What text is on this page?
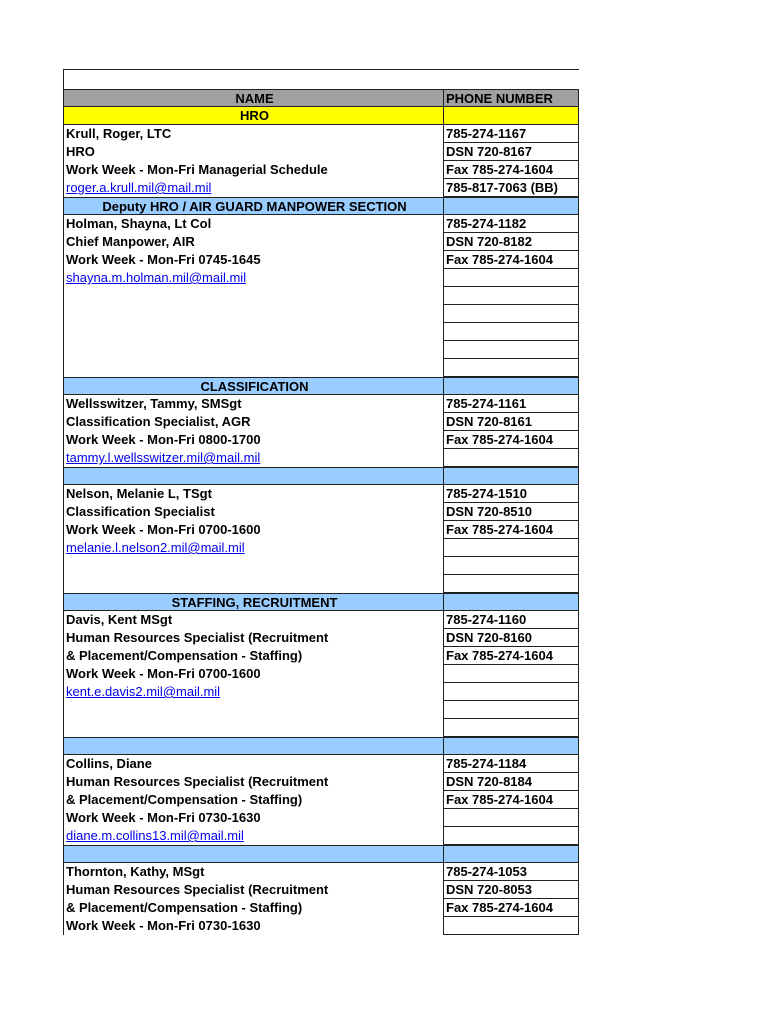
NAME	PHONE NUMBER
HRO
Krull, Roger, LTC	785-274-1167
HRO	DSN 720-8167
Work Week - Mon-Fri Managerial Schedule	Fax 785-274-1604
roger.a.krull.mil@mail.mil	785-817-7063 (BB)
Deputy HRO / AIR GUARD MANPOWER SECTION
Holman, Shayna, Lt Col	785-274-1182
Chief Manpower, AIR	DSN 720-8182
Work Week - Mon-Fri 0745-1645	Fax 785-274-1604
shayna.m.holman.mil@mail.mil
CLASSIFICATION
Wellsswitzer, Tammy, SMSgt	785-274-1161
Classification Specialist, AGR	DSN 720-8161
Work Week - Mon-Fri 0800-1700	Fax 785-274-1604
tammy.l.wellsswitzer.mil@mail.mil
Nelson, Melanie L, TSgt	785-274-1510
Classification Specialist	DSN 720-8510
Work Week - Mon-Fri 0700-1600	Fax 785-274-1604
melanie.l.nelson2.mil@mail.mil
STAFFING, RECRUITMENT
Davis, Kent MSgt	785-274-1160
Human Resources Specialist (Recruitment	DSN 720-8160
& Placement/Compensation - Staffing)	Fax 785-274-1604
Work Week - Mon-Fri 0700-1600
kent.e.davis2.mil@mail.mil
Collins, Diane	785-274-1184
Human Resources Specialist (Recruitment	DSN 720-8184
& Placement/Compensation - Staffing)	Fax 785-274-1604
Work Week - Mon-Fri 0730-1630
diane.m.collins13.mil@mail.mil
Thornton, Kathy, MSgt	785-274-1053
Human Resources Specialist (Recruitment	DSN 720-8053
& Placement/Compensation - Staffing)	Fax 785-274-1604
Work Week - Mon-Fri 0730-1630
